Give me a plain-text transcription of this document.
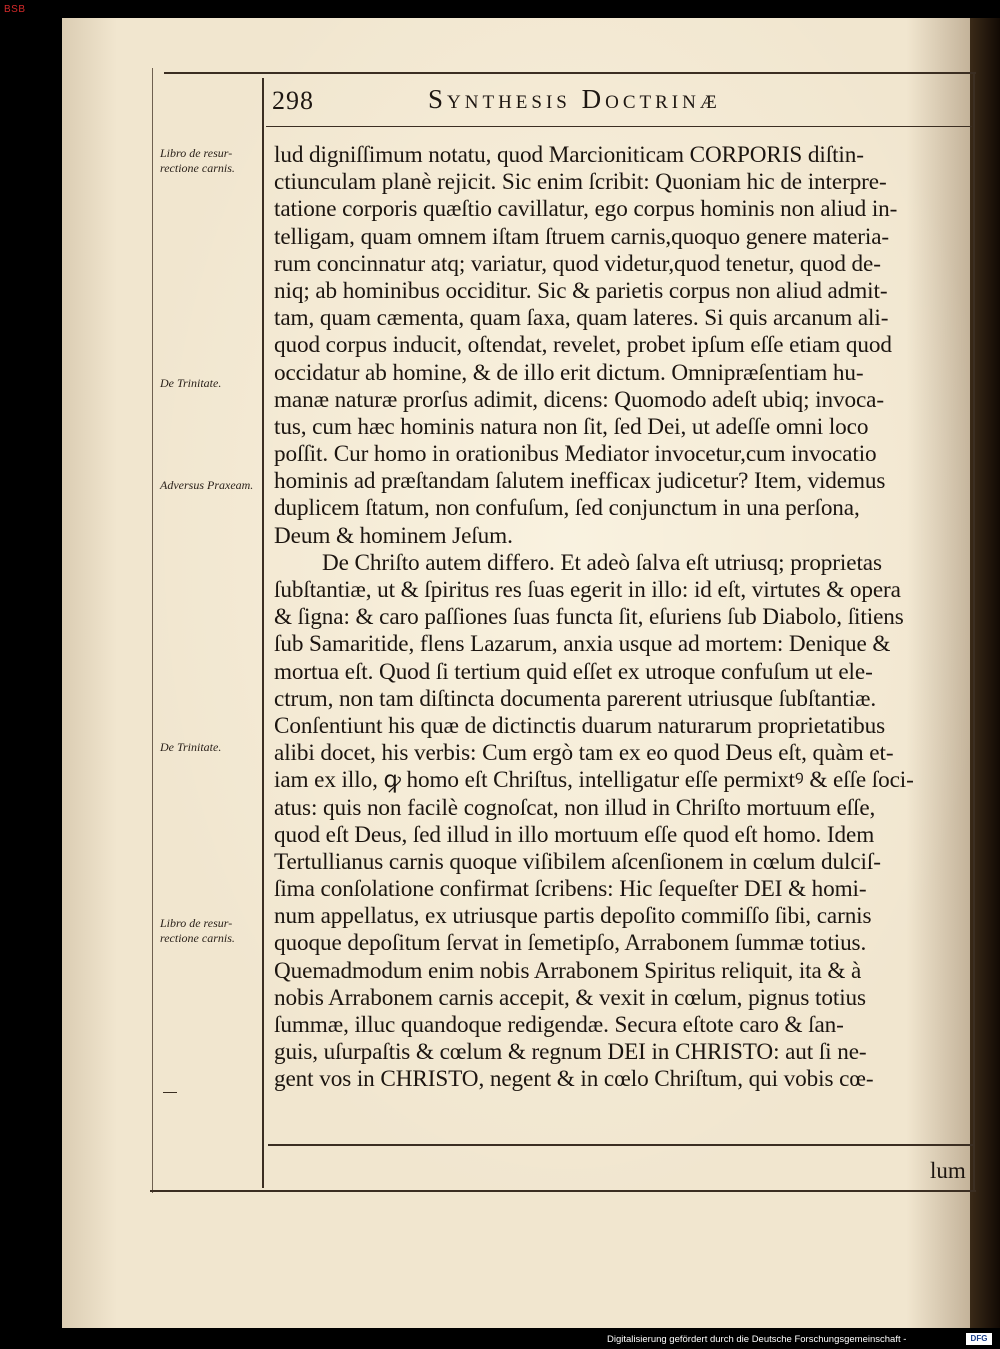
BSB
298	Synthesis Doctrinæ
Libro de resur-rectione carnis.
De Trinitate.
Adversus Praxeam.
De Trinitate.
Libro de resur-rectione carnis.
lud digniſſimum notatu, quod Marcioniticam CORPORIS diſtin-
ctiunculam planè rejicit. Sic enim ſcribit: Quoniam hic de interpre-
tatione corporis quæſtio cavillatur, ego corpus hominis non aliud in-
telligam, quam omnem iſtam ſtruem carnis,quoquo genere materia-
rum concinnatur atq; variatur, quod videtur,quod tenetur, quod de-
niq; ab hominibus occiditur. Sic & parietis corpus non aliud admit-
tam, quam cæmenta, quam ſaxa, quam lateres. Si quis arcanum ali-
quod corpus inducit, oſtendat, revelet, probet ipſum eſſe etiam quod
occidatur ab homine, & de illo erit dictum. Omnipræſentiam hu-
manæ naturæ prorſus adimit, dicens: Quomodo adeſt ubiq; invoca-
tus, cum hæc hominis natura non ſit, ſed Dei, ut adeſſe omni loco
poſſit. Cur homo in orationibus Mediator invocetur,cum invocatio
hominis ad præſtandam ſalutem inefficax judicetur? Item, videmus
duplicem ſtatum, non confuſum, ſed conjunctum in una perſona,
Deum & hominem Jeſum.
De Chriſto autem differo. Et adeò ſalva eſt utriusq; proprietas
ſubſtantiæ, ut & ſpiritus res ſuas egerit in illo: id eſt, virtutes & opera
& ſigna: & caro paſſiones ſuas functa ſit, eſuriens ſub Diabolo, ſitiens
ſub Samaritide, flens Lazarum, anxia usque ad mortem: Denique &
mortua eſt. Quod ſi tertium quid eſſet ex utroque confuſum ut ele-
ctrum, non tam diſtincta documenta parerent utriusque ſubſtantiæ.
Conſentiunt his quæ de dictinctis duarum naturarum proprietatibus
alibi docet, his verbis: Cum ergò tam ex eo quod Deus eſt, quàm et-
iam ex illo, ꝙ homo eſt Chriſtus, intelligatur eſſe permixtꝰ & eſſe ſoci-
atus: quis non facilè cognoſcat, non illud in Chriſto mortuum eſſe,
quod eſt Deus, ſed illud in illo mortuum eſſe quod eſt homo. Idem
Tertullianus carnis quoque viſibilem aſcenſionem in cœlum dulciſ-
ſima conſolatione confirmat ſcribens: Hic ſequeſter DEI & homi-
num appellatus, ex utriusque partis depoſito commiſſo ſibi, carnis
quoque depoſitum ſervat in ſemetipſo, Arrabonem ſummæ totius.
Quemadmodum enim nobis Arrabonem Spiritus reliquit, ita & à
nobis Arrabonem carnis accepit, & vexit in cœlum, pignus totius
ſummæ, illuc quandoque redigendæ. Secura eſtote caro & ſan-
guis, uſurpaſtis & cœlum & regnum DEI in CHRISTO: aut ſi ne-
gent vos in CHRISTO, negent & in cœlo Chriſtum, qui vobis cœ-
lum
Digitalisierung gefördert durch die Deutsche Forschungsgemeinschaft -	DFG
